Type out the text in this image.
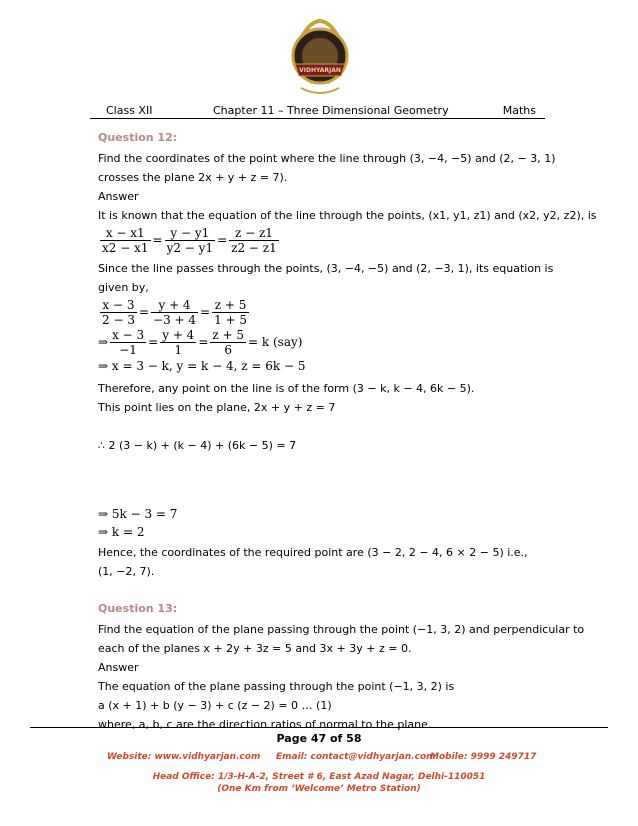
VIDHYARJAN
Institute
Class XII	Chapter 11 – Three Dimensional Geometry	Maths

Question 12:

Find the coordinates of the point where the line through (3, −4, −5) and (2, − 3, 1)

crosses the plane 2x + y + z = 7).

Answer

It is known that the equation of the line through the points, (x1, y1, z1) and (x2, y2, z2), is

$\frac{x - x1}{x2 - x1} = \frac{y - y1}{y2 - y1} = \frac{z - z1}{z2 - z1}$

Since the line passes through the points, (3, −4, −5) and (2, −3, 1), its equation is

given by,

$\frac{x - 3}{2 - 3} = \frac{y + 4}{-3 + 4} = \frac{z + 5}{1 + 5}$
⇒ $\frac{x - 3}{-1} = \frac{y + 4}{1} = \frac{z + 5}{6} = k$ (say)
⇒ x = 3 − k, y = k − 4, z = 6k − 5

Therefore, any point on the line is of the form (3 − k, k − 4, 6k − 5).

This point lies on the plane, 2x + y + z = 7

∴ 2 (3 − k) + (k − 4) + (6k − 5) = 7

⇒ 5k − 3 = 7
⇒ k = 2

Hence, the coordinates of the required point are (3 − 2, 2 − 4, 6 × 2 − 5) i.e.,

(1, −2, 7).

Question 13:

Find the equation of the plane passing through the point (−1, 3, 2) and perpendicular to

each of the planes x + 2y + 3z = 5 and 3x + 3y + z = 0.

Answer

The equation of the plane passing through the point (−1, 3, 2) is

a (x + 1) + b (y − 3) + c (z − 2) = 0 … (1)

where, a, b, c are the direction ratios of normal to the plane.

Page 47 of 58
Website: www.vidhyarjan.com Email: contact@vidhyarjan.com
Mobile: 9999 249717
Head Office: 1/3-H-A-2, Street # 6, East Azad Nagar, Delhi-110051
(One Km from ‘Welcome’ Metro Station)
